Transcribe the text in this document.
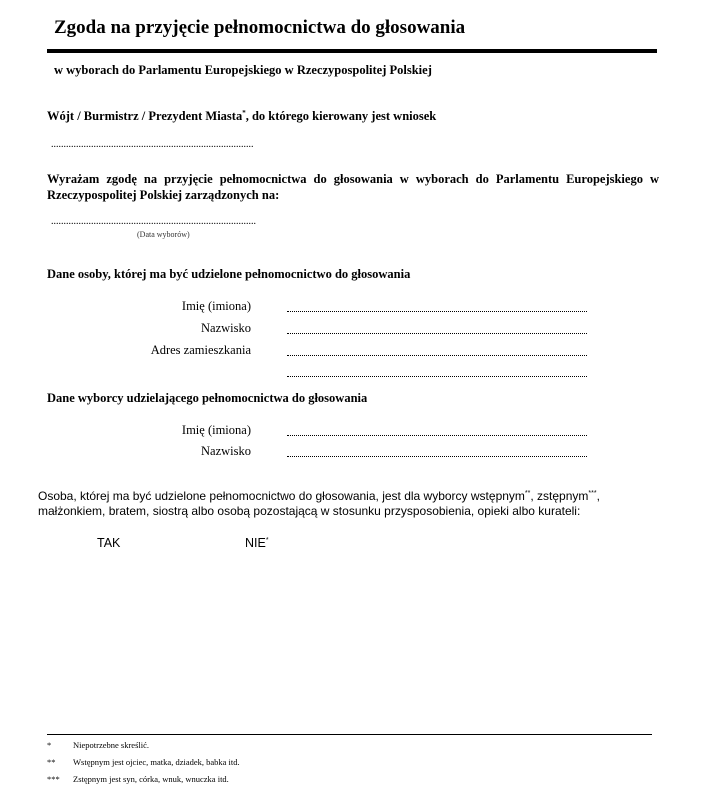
Zgoda na przyjęcie pełnomocnictwa do głosowania
w wyborach do Parlamentu Europejskiego w Rzeczypospolitej Polskiej
Wójt / Burmistrz / Prezydent Miasta*, do którego kierowany jest wniosek
.................................................................................
Wyrażam zgodę na przyjęcie pełnomocnictwa do głosowania w wyborach do Parlamentu Europejskiego w Rzeczypospolitej Polskiej zarządzonych na:
..................................................................................
(Data wyborów)
Dane osoby, której ma być udzielone pełnomocnictwo do głosowania
Imię (imiona)
Nazwisko
Adres zamieszkania
Dane wyborcy udzielającego pełnomocnictwa do głosowania
Imię (imiona)
Nazwisko
Osoba, której ma być udzielone pełnomocnictwo do głosowania, jest dla wyborcy wstępnym**, zstępnym***, małżonkiem, bratem, siostrą albo osobą pozostającą w stosunku przysposobienia, opieki albo kurateli:
TAK	NIE*
*	Niepotrzebne skreślić.
** Wstępnym jest ojciec, matka, dziadek, babka itd.
*** Zstępnym jest syn, córka, wnuk, wnuczka itd.
